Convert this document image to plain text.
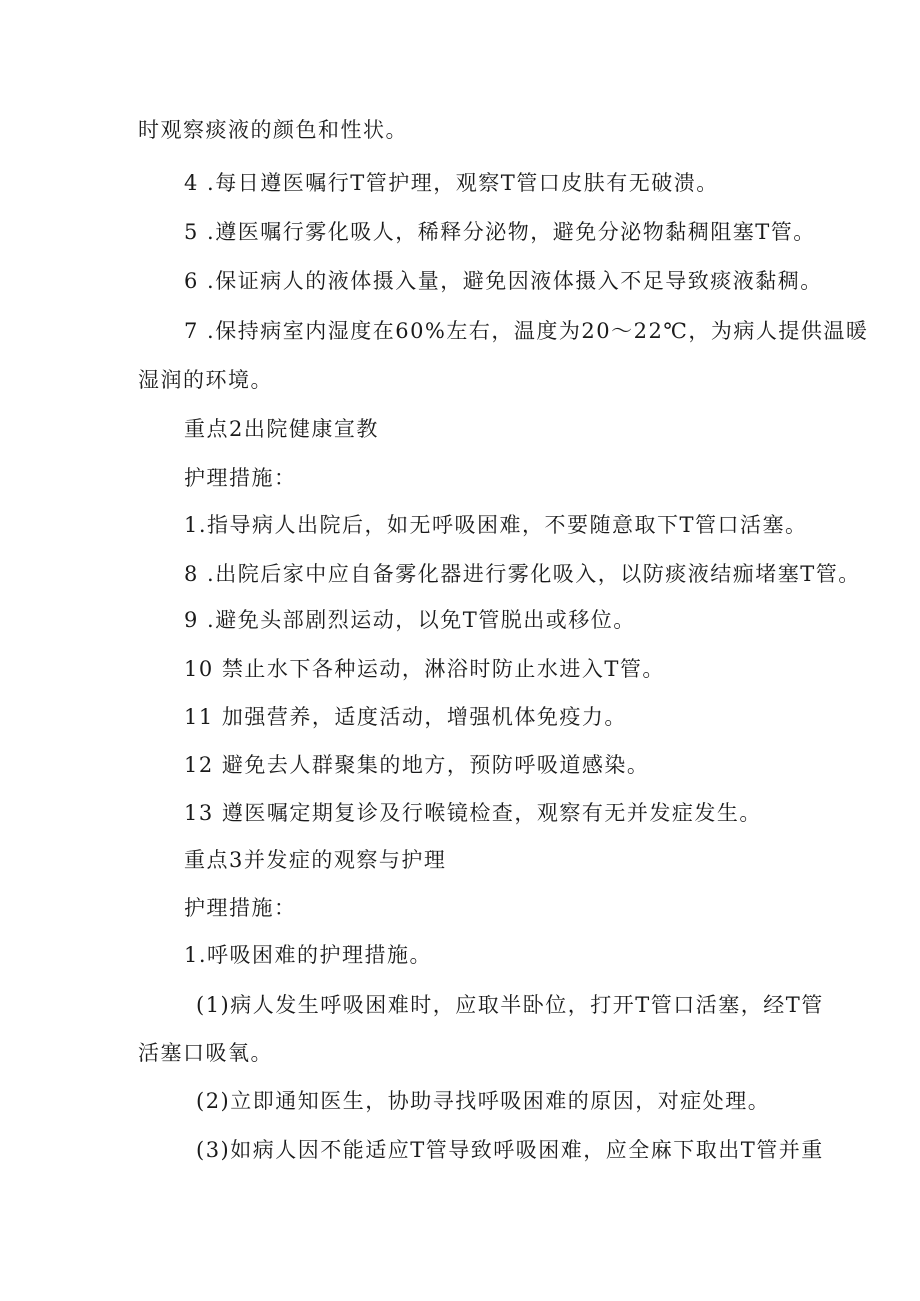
时观察痰液的颜色和性状。
4 .每日遵医嘱行T管护理，观察T管口皮肤有无破溃。
5 .遵医嘱行雾化吸人，稀释分泌物，避免分泌物黏稠阻塞T管。
6 .保证病人的液体摄入量，避免因液体摄入不足导致痰液黏稠。
7 .保持病室内湿度在60%左右，温度为20～22℃，为病人提供温暖
湿润的环境。
重点2出院健康宣教
护理措施：
1.指导病人出院后，如无呼吸困难，不要随意取下T管口活塞。
8 .出院后家中应自备雾化器进行雾化吸入，以防痰液结痂堵塞T管。
9 .避免头部剧烈运动，以免T管脱出或移位。
10 禁止水下各种运动，淋浴时防止水进入T管。
11 加强营养，适度活动，增强机体免疫力。
12 避免去人群聚集的地方，预防呼吸道感染。
13 遵医嘱定期复诊及行喉镜检查，观察有无并发症发生。
重点3并发症的观察与护理
护理措施：
1.呼吸困难的护理措施。
(1)病人发生呼吸困难时，应取半卧位，打开T管口活塞，经T管
活塞口吸氧。
(2)立即通知医生，协助寻找呼吸困难的原因，对症处理。
(3)如病人因不能适应T管导致呼吸困难，应全麻下取出T管并重
